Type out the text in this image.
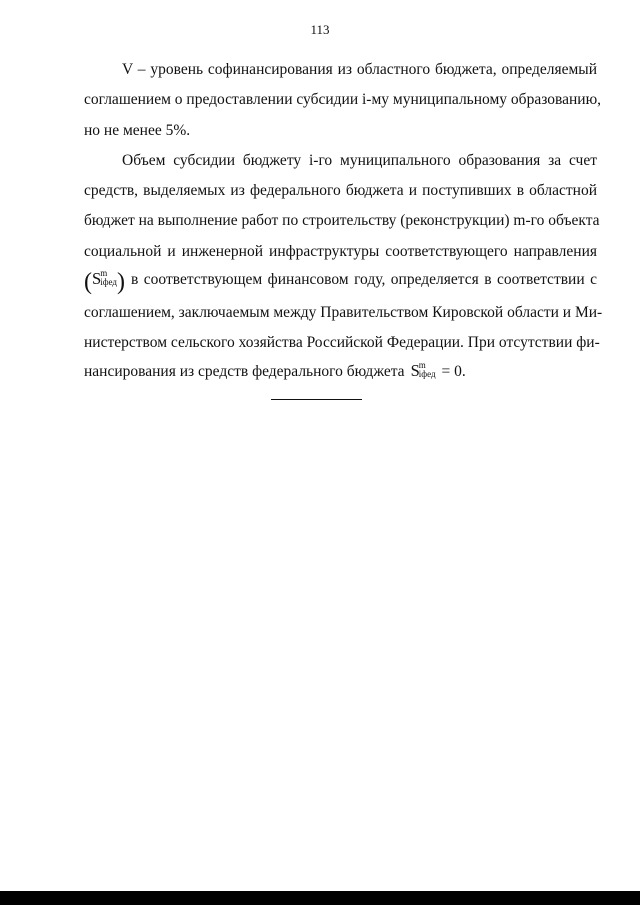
113
V – уровень софинансирования из областного бюджета, определяемый
соглашением о предоставлении субсидии i-му муниципальному образованию,
но не менее 5%.
Объем субсидии бюджету i-го муниципального образования за счет
средств, выделяемых из федерального бюджета и поступивших в областной
бюджет на выполнение работ по строительству (реконструкции) m-го объекта
социальной и инженерной инфраструктуры соответствующего направления
( S m
iфед ) в соответствующем финансовом году, определяется в соответствии с
соглашением, заключаемым между Правительством Кировской области и Ми-
нистерством сельского хозяйства Российской Федерации. При отсутствии фи-
нансирования из средств федерального бюджета S m
iфед = 0.
